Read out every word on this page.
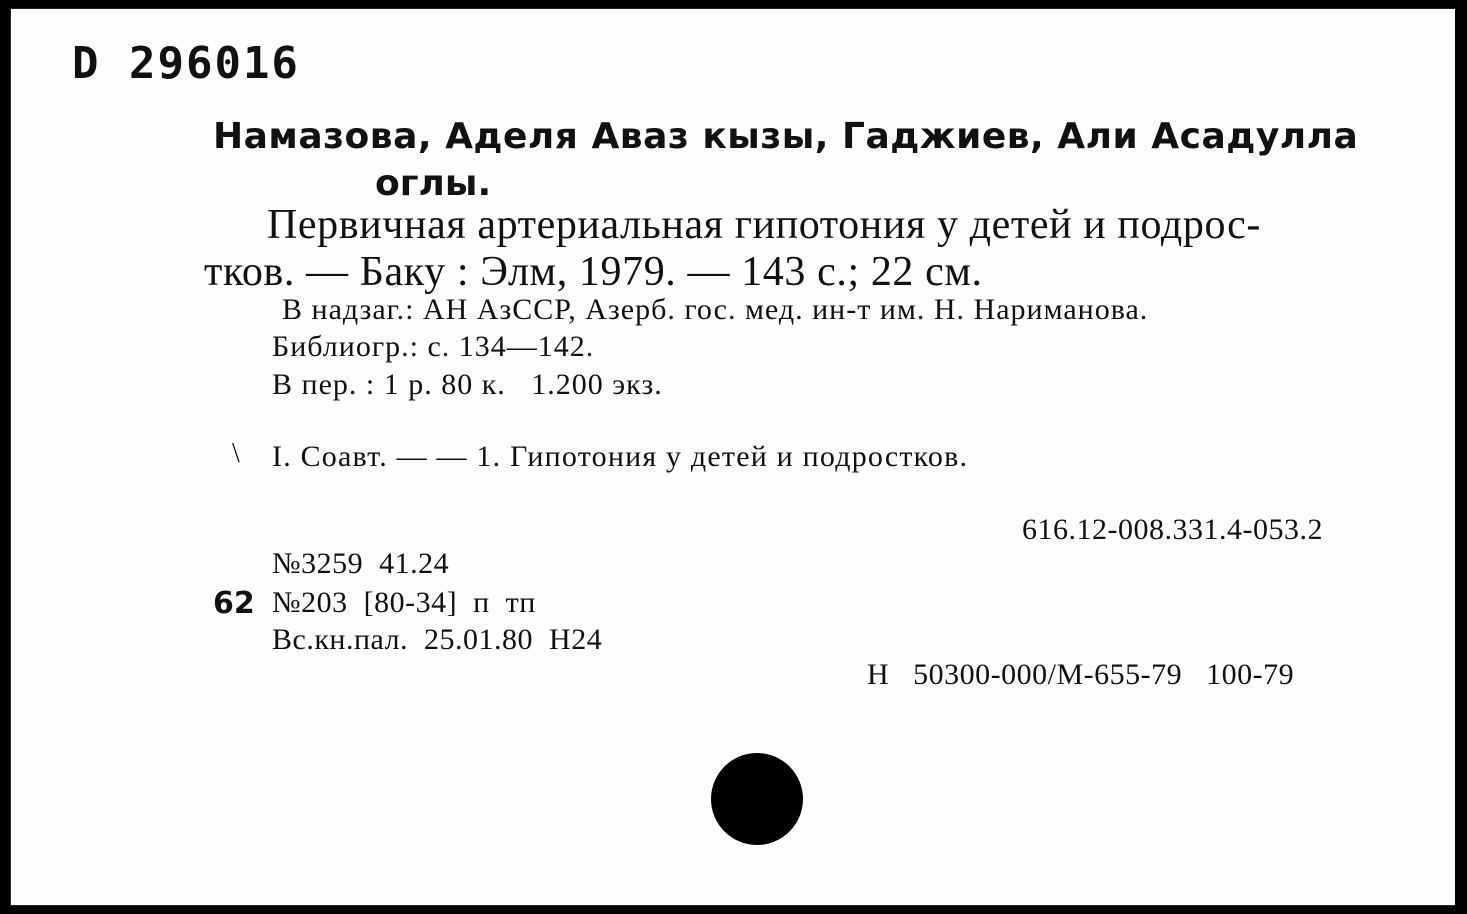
D 296016
Намазова, Аделя Аваз кызы, Гаджиев, Али Асадулла
оглы.
Первичная артериальная гипотония у детей и подрос-
тков. — Баку : Элм, 1979. — 143 с.; 22 см.
В надзаг.: АН АзССР, Азерб. гос. мед. ин-т им. Н. Нариманова.
Библиогр.: с. 134—142.
В пер. : 1 р. 80 к.   1.200 экз.
\ I. Соавт. — — 1. Гипотония у детей и подростков.
616.12-008.331.4-053.2
№3259  41.24
62 №203  [80-34]  п  тп
Вс.кн.пал.  25.01.80  Н24
Н   50300-000/М-655-79   100-79
